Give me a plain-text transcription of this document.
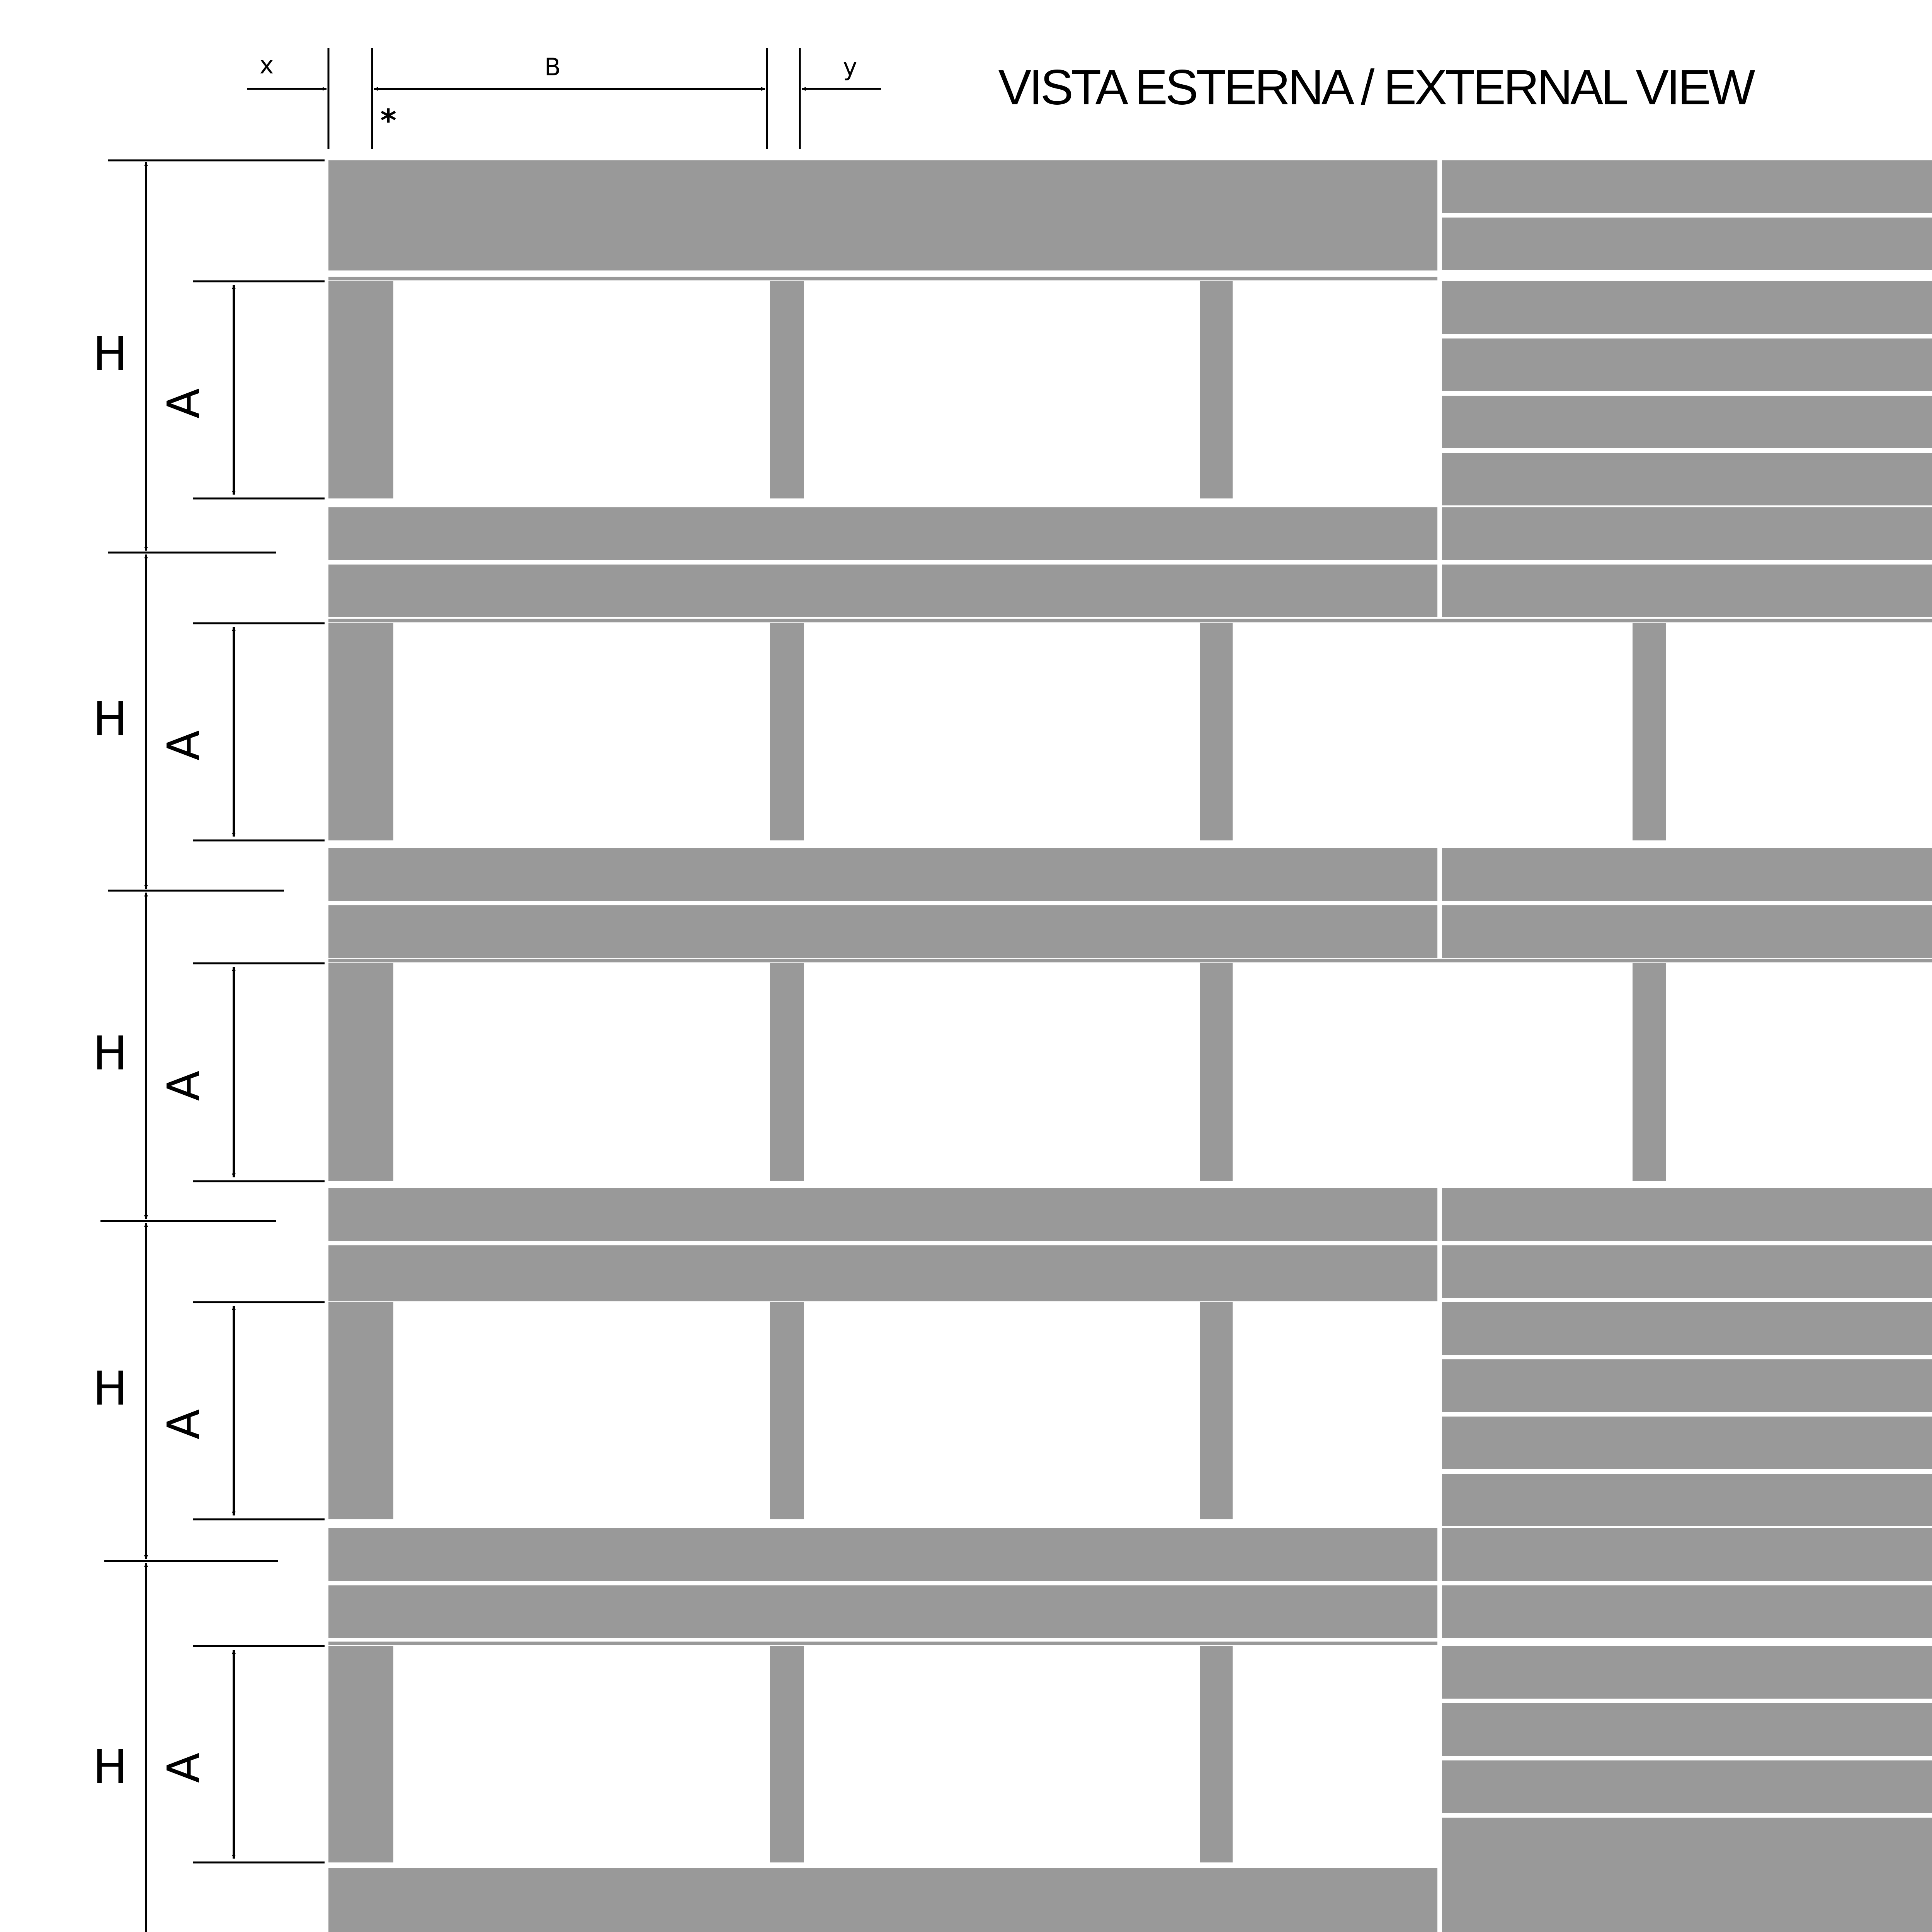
H
A
H A
H
A
H
A
H A
x	B	y
*
VISTA ESTERNA / EXTERNAL VIEW
